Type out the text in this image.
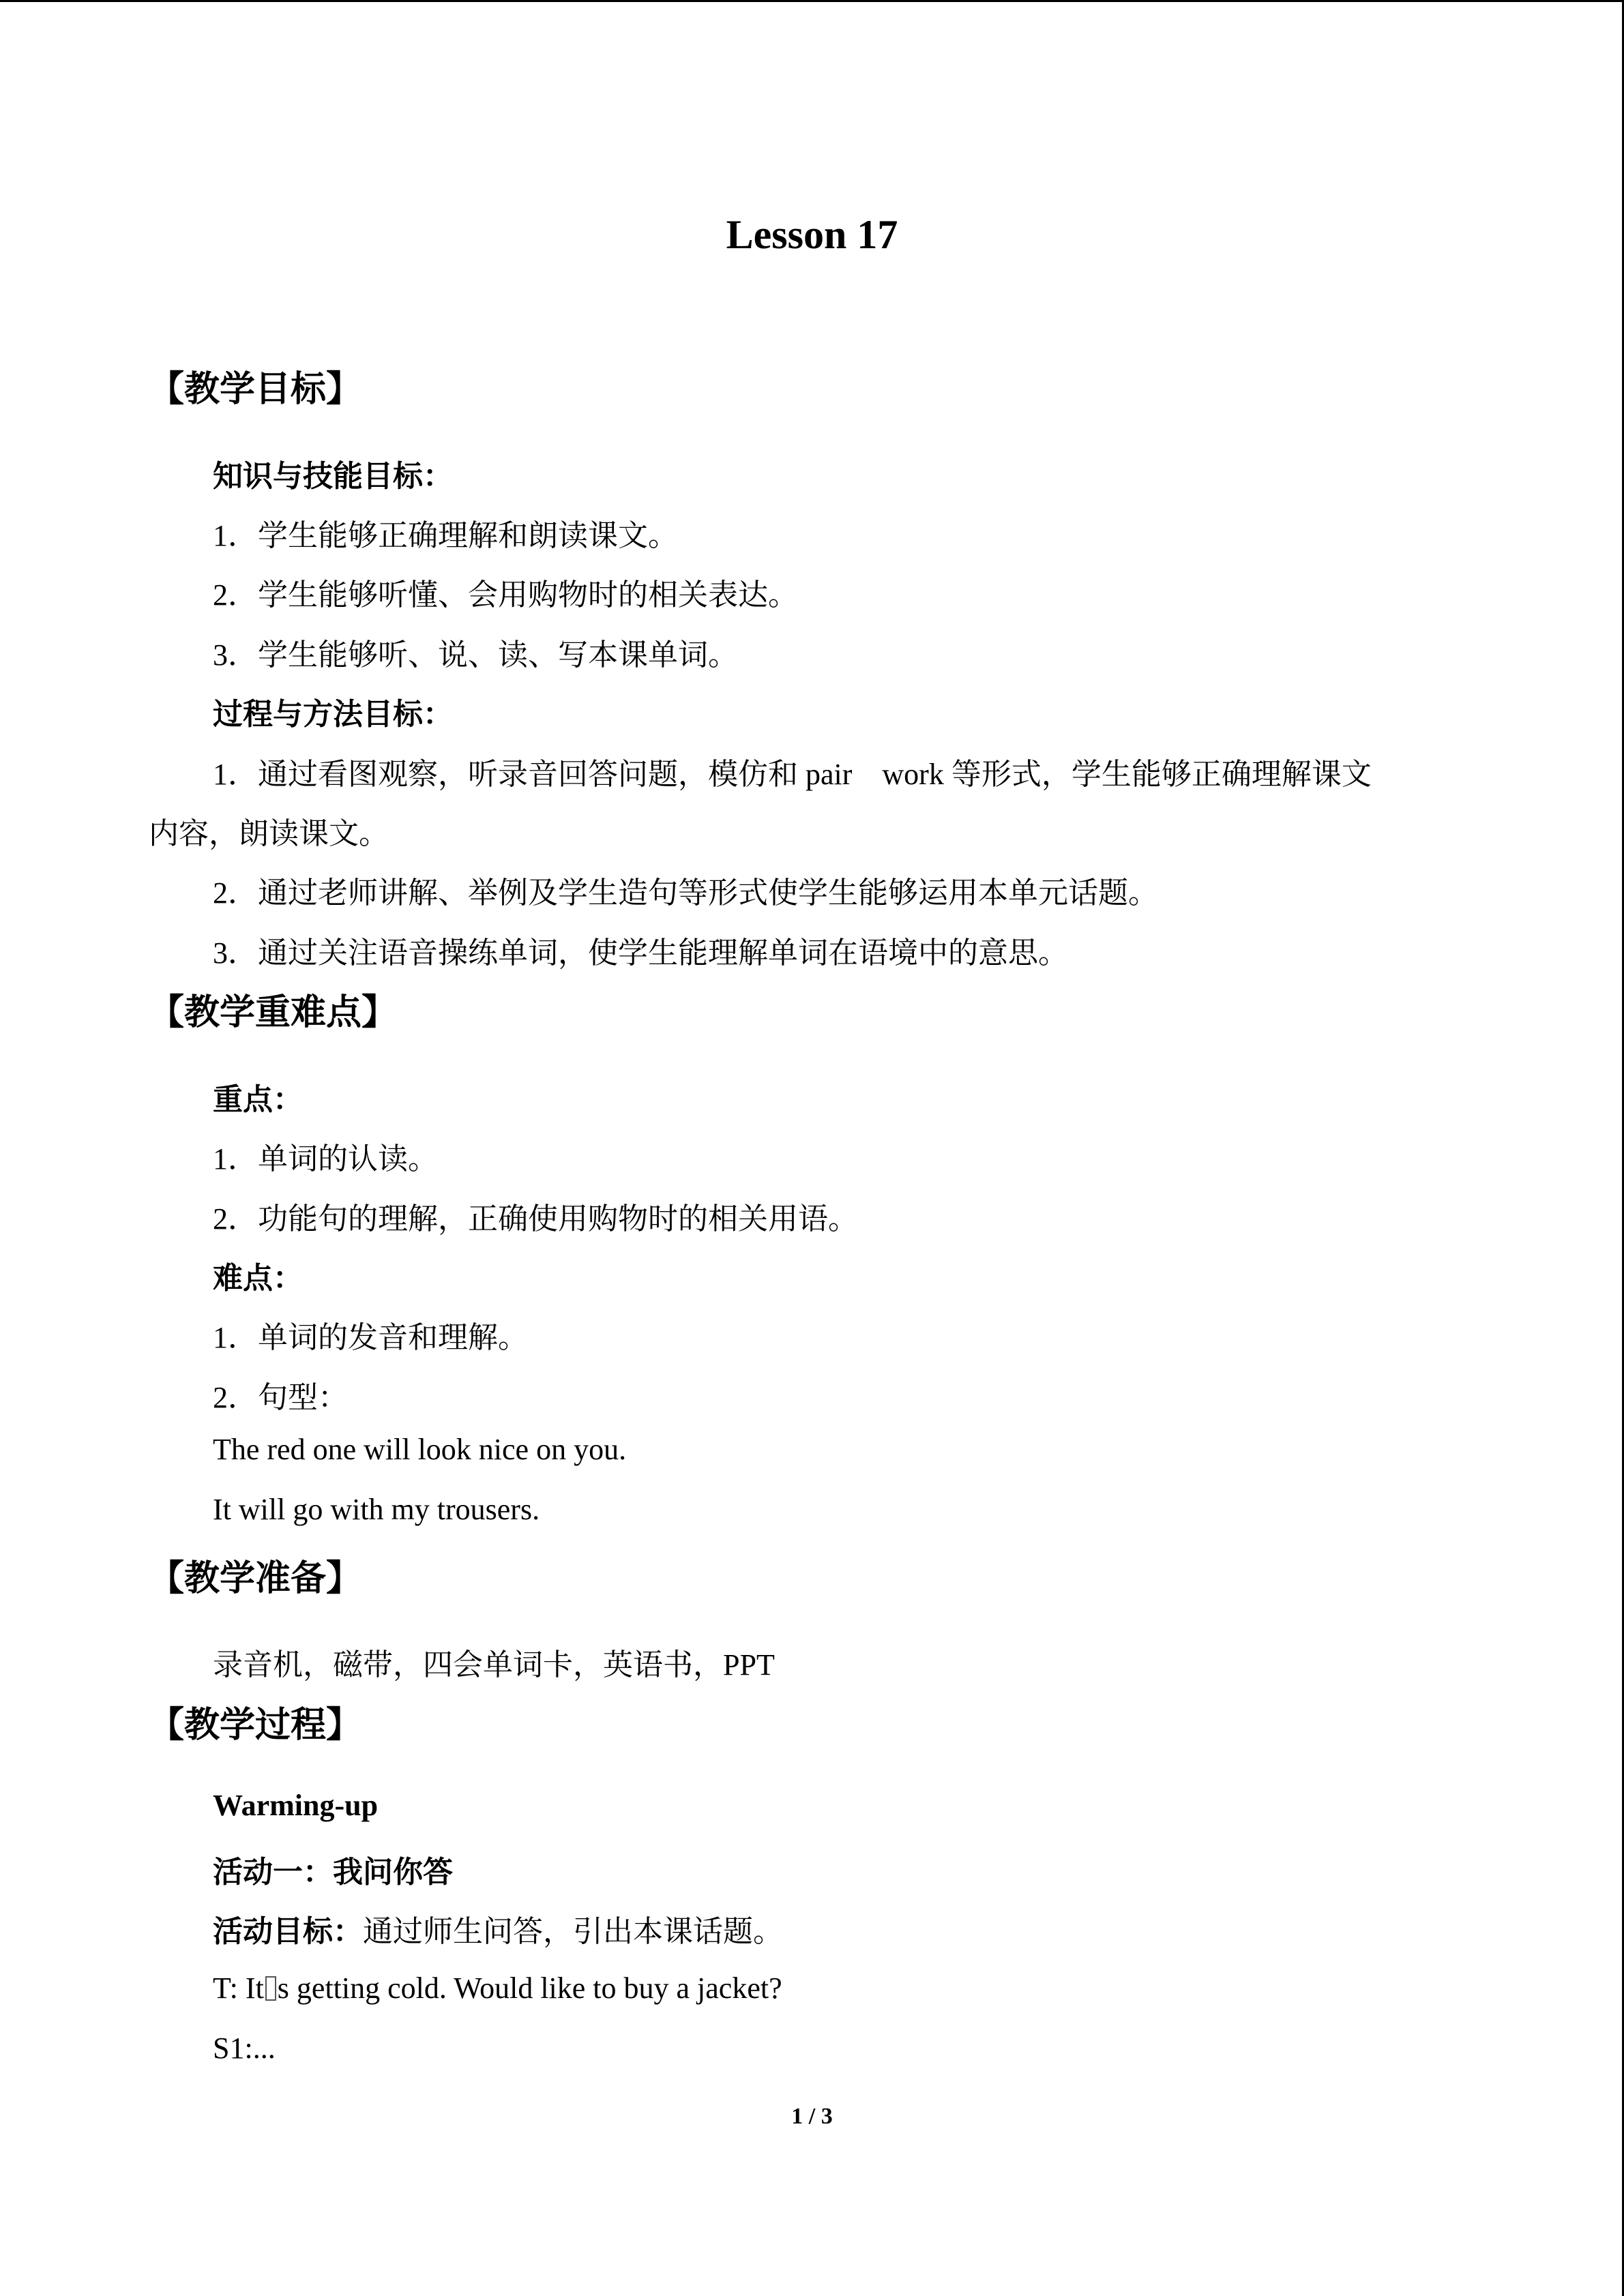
Lesson 17
【教学目标】
知识与技能目标：
1．学生能够正确理解和朗读课文。
2．学生能够听懂、会用购物时的相关表达。
3．学生能够听、说、读、写本课单词。
过程与方法目标：
1．通过看图观察，听录音回答问题，模仿和 pair　work 等形式，学生能够正确理解课文
内容，朗读课文。
2．通过老师讲解、举例及学生造句等形式使学生能够运用本单元话题。
3．通过关注语音操练单词，使学生能理解单词在语境中的意思。
【教学重难点】
重点：
1．单词的认读。
2．功能句的理解，正确使用购物时的相关用语。
难点：
1．单词的发音和理解。
2．句型：
The red one will look nice on you.
It will go with my trousers.
【教学准备】
录音机，磁带，四会单词卡，英语书，PPT
【教学过程】
Warming-up
活动一：我问你答
活动目标：通过师生问答，引出本课话题。
T: It s getting cold. Would like to buy a jacket?
S1:...
1 / 3
